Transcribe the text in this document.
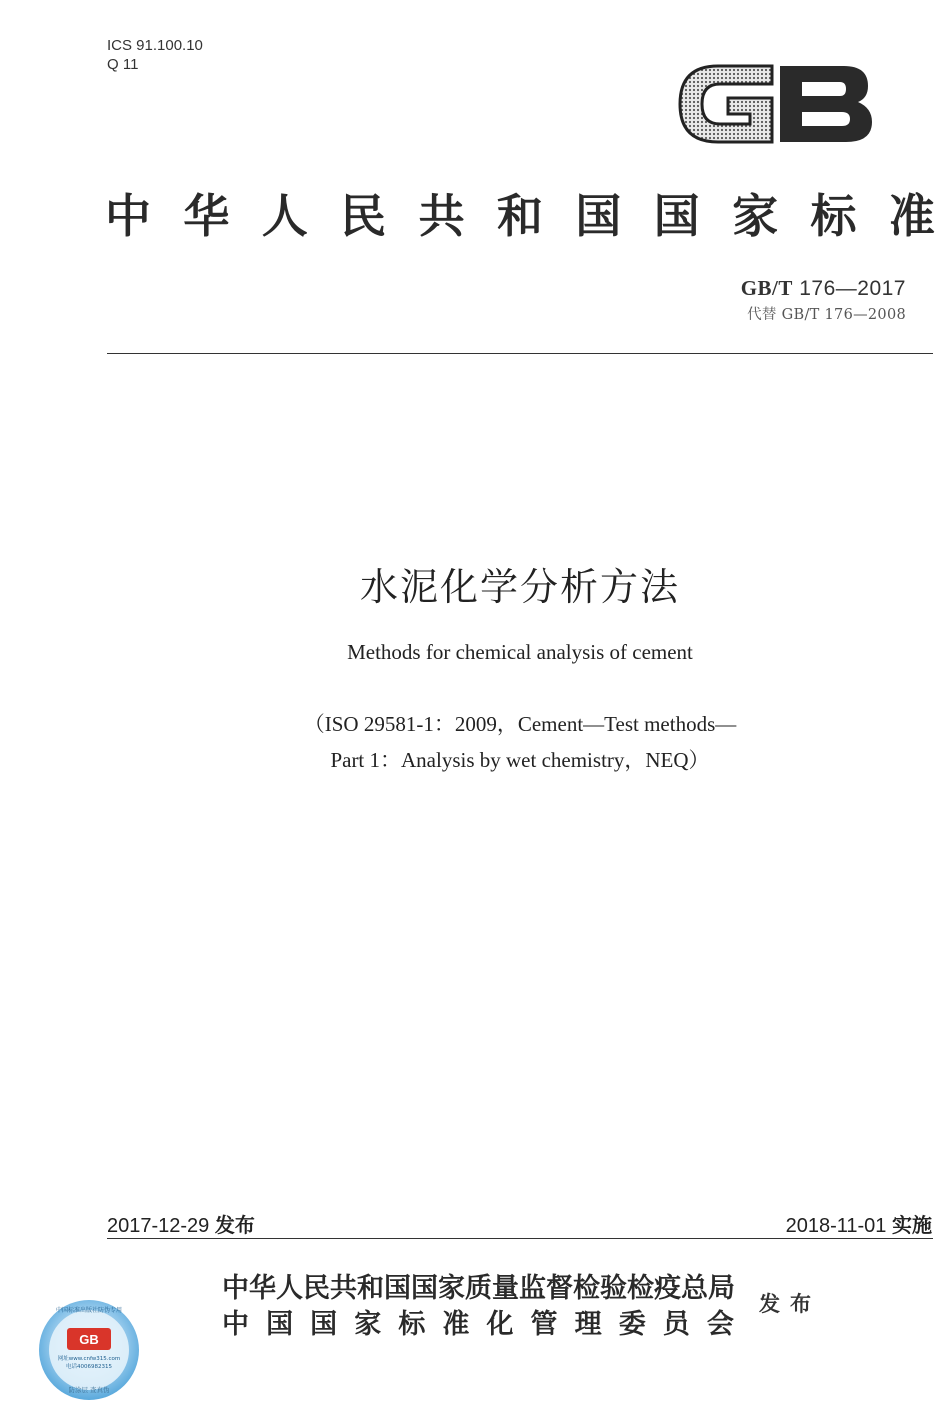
ICS 91.100.10
Q 11
中 华 人 民 共 和 国 国 家 标 准
GB/T 176—2017
代替 GB/T 176—2008
水泥化学分析方法
Methods for chemical analysis of cement
（ISO 29581-1：2009，Cement—Test methods—
Part 1：Analysis by wet chemistry，NEQ）
2017-12-29 发布	2018-11-01 实施
中 华 人 民 共 和 国 国 家 质 量 监 督 检 验 检 疫 总 局
中 国 国 家 标 准 化 管 理 委 员 会
发布
GB
中国标准出版社防伪专用
网址www.cnfw315.com
电话4006982315
防涂层 查真伪
